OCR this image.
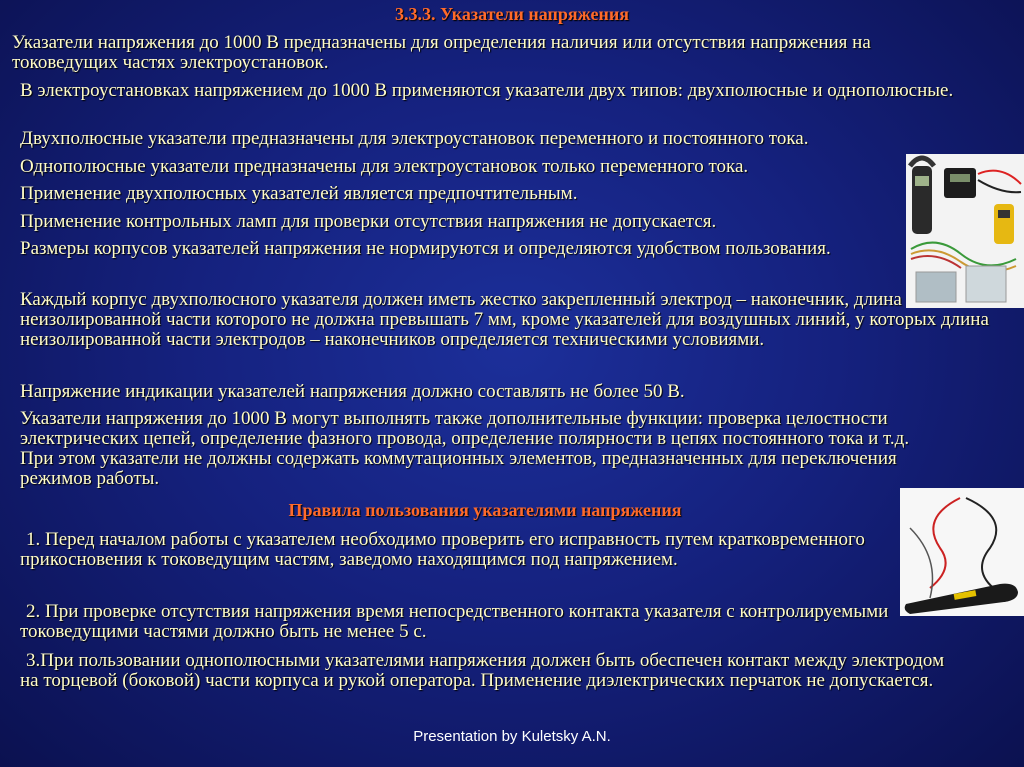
3.3.3. Указатели напряжения

Указатели напряжения до 1000 В предназначены для определения наличия или отсутствия напряжения на токоведущих частях электроустановок.

В электроустановках напряжением до 1000 В применяются указатели двух типов: двухполюсные и однополюсные.

Двухполюсные указатели предназначены для электроустановок переменного и постоянного тока.

Однополюсные указатели предназначены для электроустановок только переменного тока.

Применение двухполюсных указателей является предпочтительным.

Применение контрольных ламп для проверки отсутствия напряжения не допускается.

Размеры корпусов указателей напряжения не нормируются и определяются удобством пользования.

Каждый корпус двухполюсного указателя должен иметь жестко закрепленный электрод – наконечник, длина неизолированной части которого не должна превышать 7 мм, кроме указателей для воздушных линий, у которых длина неизолированной части электродов – наконечников определяется техническими условиями.

Напряжение индикации указателей напряжения должно составлять не более 50 В.

Указатели напряжения до 1000 В могут выполнять также дополнительные функции: проверка целостности электрических цепей, определение фазного провода, определение полярности в цепях постоянного тока и т.д. При этом указатели не должны содержать коммутационных элементов, предназначенных для переключения режимов работы.

Правила пользования указателями напряжения

1. Перед началом работы с указателем необходимо проверить его исправность путем кратковременного прикосновения к токоведущим частям, заведомо находящимся под напряжением.

2. При проверке отсутствия напряжения время непосредственного контакта указателя с контролируемыми токоведущими частями должно быть не менее 5 с.

3.При пользовании однополюсными указателями напряжения должен быть обеспечен контакт между электродом на торцевой (боковой) части корпуса и рукой оператора. Применение диэлектрических перчаток не допускается.

Presentation by Kuletsky A.N.
